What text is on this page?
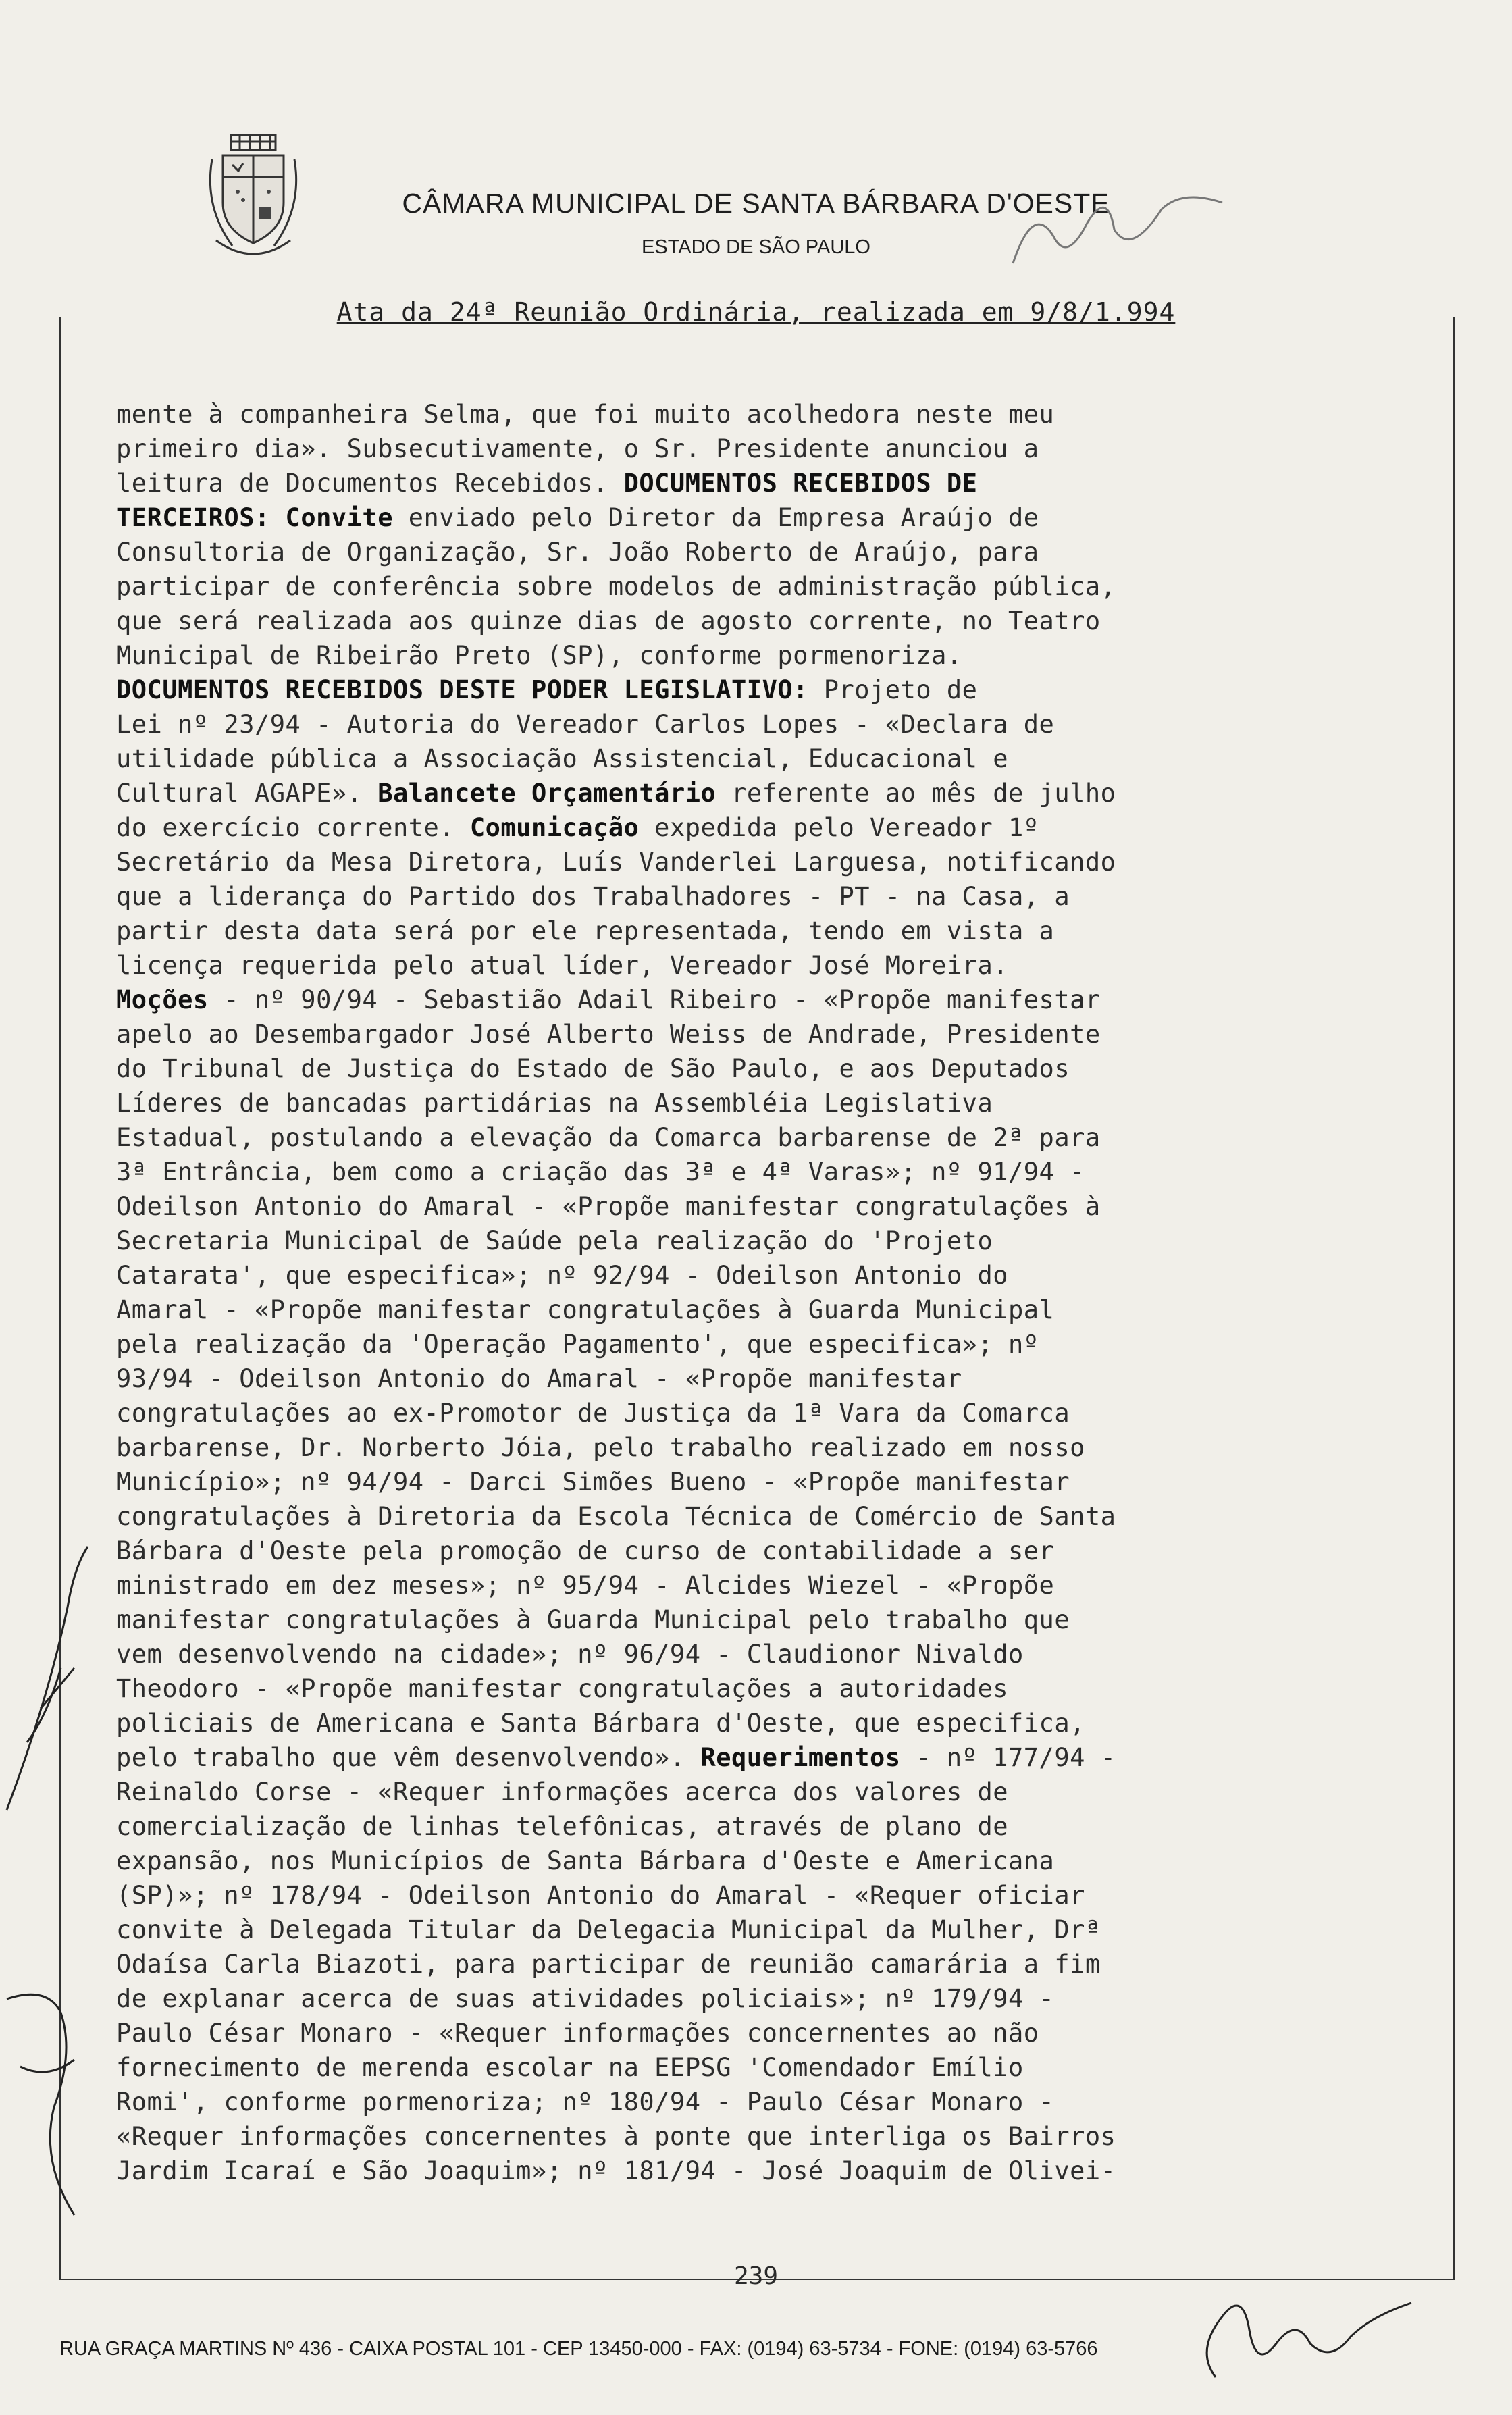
CÂMARA MUNICIPAL DE SANTA BÁRBARA D'OESTE
ESTADO DE SÃO PAULO
Ata da 24ª Reunião Ordinária, realizada em 9/8/1.994
mente à companheira Selma, que foi muito acolhedora neste meu
primeiro dia». Subsecutivamente, o Sr. Presidente anunciou a
leitura de Documentos Recebidos. DOCUMENTOS RECEBIDOS DE
TERCEIROS: Convite enviado pelo Diretor da Empresa Araújo de
Consultoria de Organização, Sr. João Roberto de Araújo, para
participar de conferência sobre modelos de administração pública,
que será realizada aos quinze dias de agosto corrente, no Teatro
Municipal de Ribeirão Preto (SP), conforme pormenoriza.
DOCUMENTOS RECEBIDOS DESTE PODER LEGISLATIVO: Projeto de
Lei nº 23/94 - Autoria do Vereador Carlos Lopes - «Declara de
utilidade pública a Associação Assistencial, Educacional e
Cultural AGAPE». Balancete Orçamentário referente ao mês de julho
do exercício corrente. Comunicação expedida pelo Vereador 1º
Secretário da Mesa Diretora, Luís Vanderlei Larguesa, notificando
que a liderança do Partido dos Trabalhadores - PT - na Casa, a
partir desta data será por ele representada, tendo em vista a
licença requerida pelo atual líder, Vereador José Moreira.
Moções - nº 90/94 - Sebastião Adail Ribeiro - «Propõe manifestar
apelo ao Desembargador José Alberto Weiss de Andrade, Presidente
do Tribunal de Justiça do Estado de São Paulo, e aos Deputados
Líderes de bancadas partidárias na Assembléia Legislativa
Estadual, postulando a elevação da Comarca barbarense de 2ª para
3ª Entrância, bem como a criação das 3ª e 4ª Varas»; nº 91/94 -
Odeilson Antonio do Amaral - «Propõe manifestar congratulações à
Secretaria Municipal de Saúde pela realização do 'Projeto
Catarata', que especifica»; nº 92/94 - Odeilson Antonio do
Amaral - «Propõe manifestar congratulações à Guarda Municipal
pela realização da 'Operação Pagamento', que especifica»; nº
93/94 - Odeilson Antonio do Amaral - «Propõe manifestar
congratulações ao ex-Promotor de Justiça da 1ª Vara da Comarca
barbarense, Dr. Norberto Jóia, pelo trabalho realizado em nosso
Município»; nº 94/94 - Darci Simões Bueno - «Propõe manifestar
congratulações à Diretoria da Escola Técnica de Comércio de Santa
Bárbara d'Oeste pela promoção de curso de contabilidade a ser
ministrado em dez meses»; nº 95/94 - Alcides Wiezel - «Propõe
manifestar congratulações à Guarda Municipal pelo trabalho que
vem desenvolvendo na cidade»; nº 96/94 - Claudionor Nivaldo
Theodoro - «Propõe manifestar congratulações a autoridades
policiais de Americana e Santa Bárbara d'Oeste, que especifica,
pelo trabalho que vêm desenvolvendo». Requerimentos - nº 177/94 -
Reinaldo Corse - «Requer informações acerca dos valores de
comercialização de linhas telefônicas, através de plano de
expansão, nos Municípios de Santa Bárbara d'Oeste e Americana
(SP)»; nº 178/94 - Odeilson Antonio do Amaral - «Requer oficiar
convite à Delegada Titular da Delegacia Municipal da Mulher, Drª
Odaísa Carla Biazoti, para participar de reunião camarária a fim
de explanar acerca de suas atividades policiais»; nº 179/94 -
Paulo César Monaro - «Requer informações concernentes ao não
fornecimento de merenda escolar na EEPSG 'Comendador Emílio
Romi', conforme pormenoriza; nº 180/94 - Paulo César Monaro -
«Requer informações concernentes à ponte que interliga os Bairros
Jardim Icaraí e São Joaquim»; nº 181/94 - José Joaquim de Olivei-
239
RUA GRAÇA MARTINS Nº 436 - CAIXA POSTAL 101 - CEP 13450-000 - FAX: (0194) 63-5734 - FONE: (0194) 63-5766
